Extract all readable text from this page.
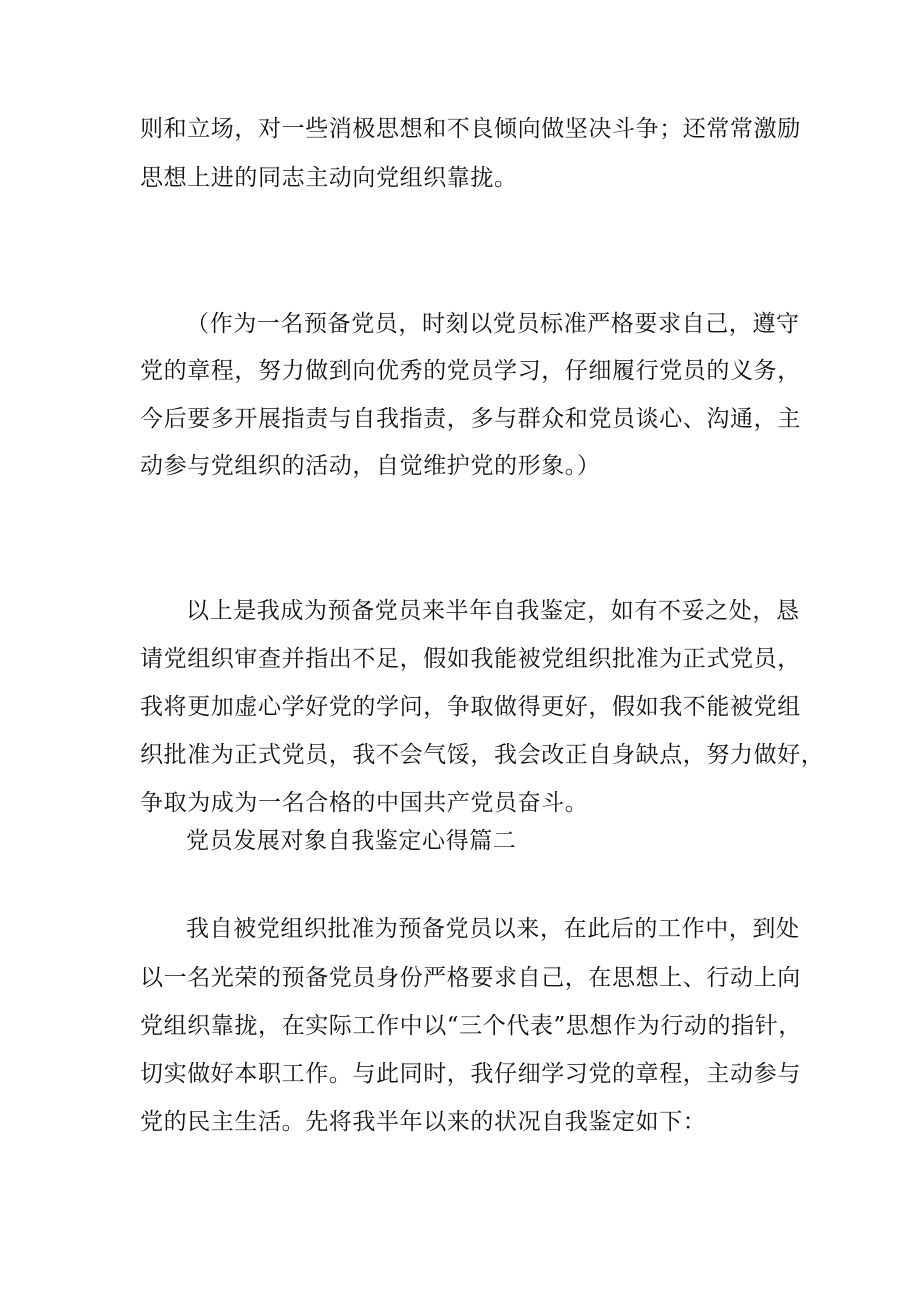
则和立场，对一些消极思想和不良倾向做坚决斗争；还常常激励
思想上进的同志主动向党组织靠拢。
（作为一名预备党员，时刻以党员标准严格要求自己，遵守
党的章程，努力做到向优秀的党员学习，仔细履行党员的义务，
今后要多开展指责与自我指责，多与群众和党员谈心、沟通，主
动参与党组织的活动，自觉维护党的形象。）
以上是我成为预备党员来半年自我鉴定，如有不妥之处，恳
请党组织审查并指出不足，假如我能被党组织批准为正式党员，
我将更加虚心学好党的学问，争取做得更好，假如我不能被党组
织批准为正式党员，我不会气馁，我会改正自身缺点，努力做好，
争取为成为一名合格的中国共产党员奋斗。
党员发展对象自我鉴定心得篇二
我自被党组织批准为预备党员以来，在此后的工作中，到处
以一名光荣的预备党员身份严格要求自己，在思想上、行动上向
党组织靠拢，在实际工作中以“三个代表”思想作为行动的指针，
切实做好本职工作。与此同时，我仔细学习党的章程，主动参与
党的民主生活。先将我半年以来的状况自我鉴定如下：
